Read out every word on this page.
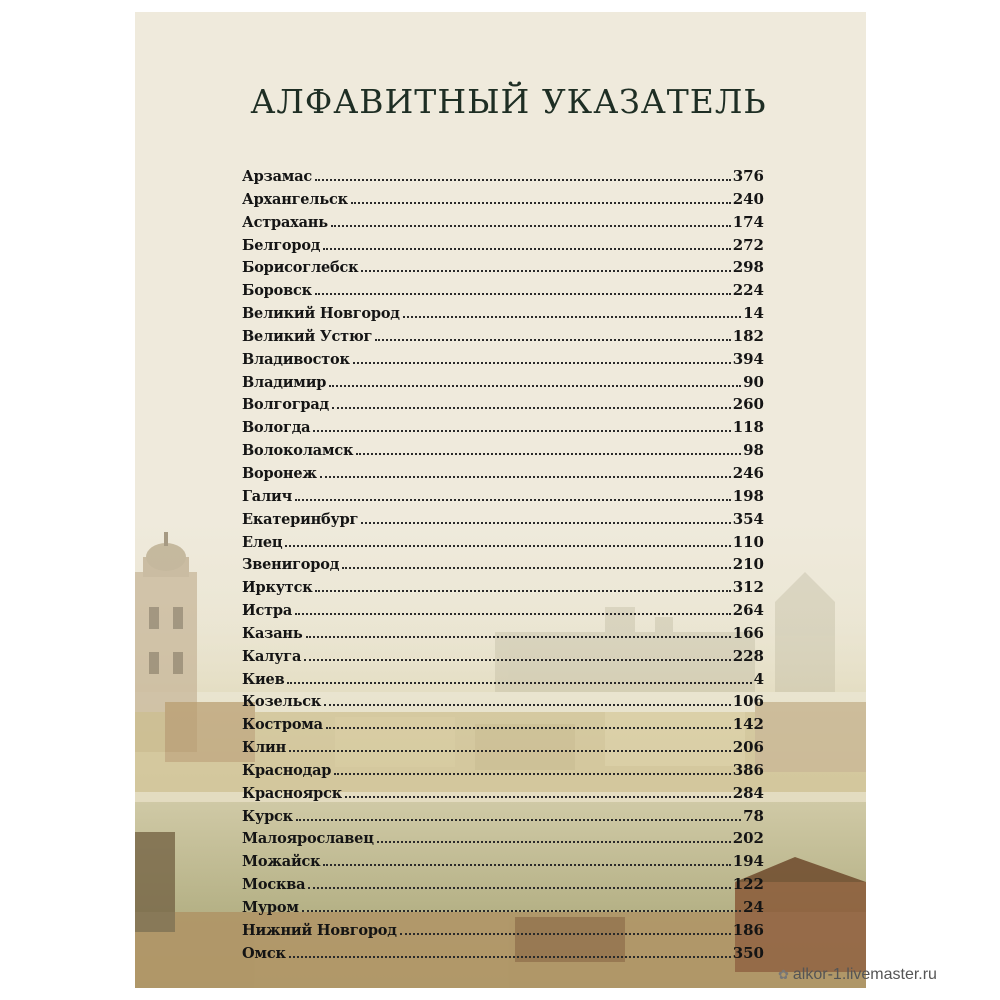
АЛФАВИТНЫЙ УКАЗАТЕЛЬ
Арзамас	376
Архангельск	240
Астрахань	174
Белгород	272
Борисоглебск	298
Боровск	224
Великий Новгород	14
Великий Устюг	182
Владивосток	394
Владимир	90
Волгоград	260
Вологда	118
Волоколамск	98
Воронеж	246
Галич	198
Екатеринбург	354
Елец	110
Звенигород	210
Иркутск	312
Истра	264
Казань	166
Калуга	228
Киев	4
Козельск	106
Кострома	142
Клин	206
Краснодар	386
Красноярск	284
Курск	78
Малоярославец	202
Можайск	194
Москва	122
Муром	24
Нижний Новгород	186
Омск	350
✿ alkor-1.livemaster.ru
